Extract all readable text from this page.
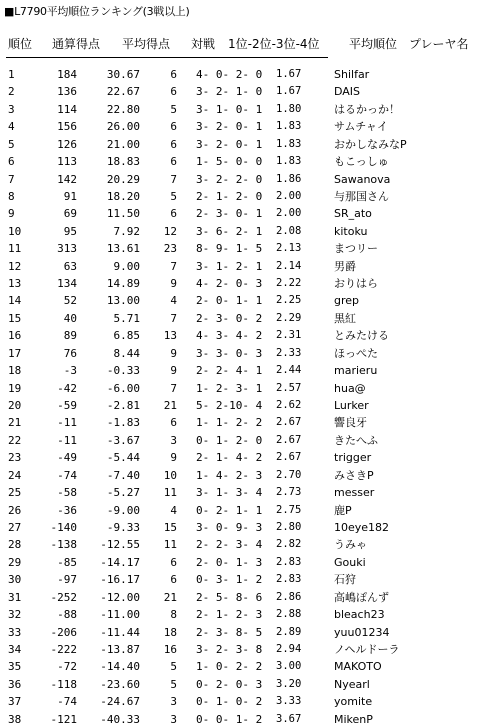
■L7790平均順位ランキング(3戦以上)
順位 通算得点 平均得点 対戦 1位-2位-3位-4位 平均順位 プレーヤ名
1	184	30.67	6 4- 0- 2- 0 1.67	Shilfar
2	136	22.67	6 3- 2- 1- 0 1.67	DAIS
3	114	22.80	5 3- 1- 0- 1 1.80	はるかっか！
4	156	26.00	6 3- 2- 0- 1 1.83	サムチャイ
5	126	21.00	6 3- 2- 0- 1 1.83	おかしなみなP
6	113	18.83	6 1- 5- 0- 0 1.83	もこっしゅ
7	142	20.29	7 3- 2- 2- 0 1.86	Sawanova
8	91	18.20	5 2- 1- 2- 0 2.00	与那国さん
9	69	11.50	6 2- 3- 0- 1 2.00	SR_ato
10	95	7.92 12 3- 6- 2- 1 2.08	kitoku
11	313	13.61 23 8- 9- 1- 5 2.13	まつリー
12	63	9.00	7 3- 1- 2- 1 2.14	男爵
13	134	14.89	9 4- 2- 0- 3 2.22	おりはら
14	52	13.00	4 2- 0- 1- 1 2.25	grep
15	40	5.71	7 2- 3- 0- 2 2.29	黒紅
16	89	6.85 13 4- 3- 4- 2 2.31	とみたける
17	76	8.44	9 3- 3- 0- 3 2.33	ほっぺた
18	-3	-0.33	9 2- 2- 4- 1 2.44	marieru
19	-42	-6.00	7 1- 2- 3- 1 2.57	hua@
20	-59	-2.81 21 5- 2-10- 4 2.62	Lurker
21	-11	-1.83	6 1- 1- 2- 2 2.67	響良牙
22	-11	-3.67	3 0- 1- 2- 0 2.67	きたへふ
23	-49	-5.44	9 2- 1- 4- 2 2.67	trigger
24	-74	-7.40 10 1- 4- 2- 3 2.70	みさきP
25	-58	-5.27 11 3- 1- 3- 4 2.73	messer
26	-36	-9.00	4 0- 2- 1- 1 2.75	鹿P
27	-140	-9.33 15 3- 0- 9- 3 2.80	10eye182
28	-138 -12.55 11 2- 2- 3- 4 2.82	うみゃ
29	-85 -14.17	6 2- 0- 1- 3 2.83	Gouki
30	-97 -16.17	6 0- 3- 1- 2 2.83	石狩
31	-252 -12.00 21 2- 5- 8- 6 2.86	高嶋ぽんず
32	-88 -11.00	8 2- 1- 2- 3 2.88	bleach23
33	-206 -11.44 18 2- 3- 8- 5 2.89	yuu01234
34	-222 -13.87 16 3- 2- 3- 8 2.94	ノヘルドーラ
35	-72 -14.40	5 1- 0- 2- 2 3.00	MAKOTO
36	-118 -23.60	5 0- 2- 0- 3 3.20	Nyearl
37	-74 -24.67	3 0- 1- 0- 2 3.33	yomite
38	-121 -40.33	3 0- 0- 1- 2 3.67	MikenP
